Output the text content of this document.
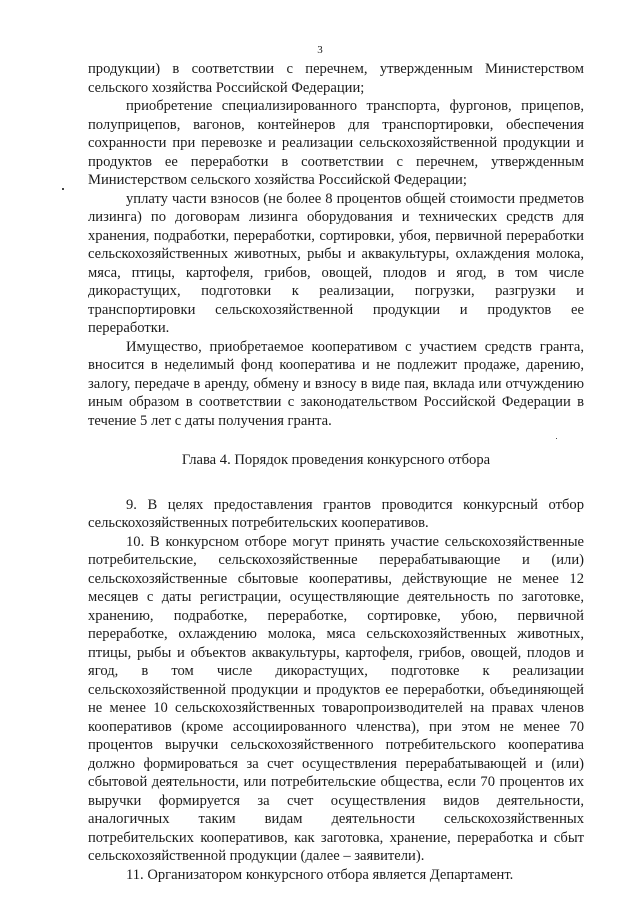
3

продукции) в соответствии с перечнем, утвержденным Министерством сельского хозяйства Российской Федерации;

приобретение специализированного транспорта, фургонов, прицепов, полуприцепов, вагонов, контейнеров для транспортировки, обеспечения сохранности при перевозке и реализации сельскохозяйственной продукции и продуктов ее переработки в соответствии с перечнем, утвержденным Министерством сельского хозяйства Российской Федерации;

уплату части взносов (не более 8 процентов общей стоимости предметов лизинга) по договорам лизинга оборудования и технических средств для хранения, подработки, переработки, сортировки, убоя, первичной переработки сельскохозяйственных животных, рыбы и аквакультуры, охлаждения молока, мяса, птицы, картофеля, грибов, овощей, плодов и ягод, в том числе дикорастущих, подготовки к реализации, погрузки, разгрузки и транспортировки сельскохозяйственной продукции и продуктов ее переработки.

Имущество, приобретаемое кооперативом с участием средств гранта, вносится в неделимый фонд кооператива и не подлежит продаже, дарению, залогу, передаче в аренду, обмену и взносу в виде пая, вклада или отчуждению иным образом в соответствии с законодательством Российской Федерации в течение 5 лет с даты получения гранта.

Глава 4. Порядок проведения конкурсного отбора

9. В целях предоставления грантов проводится конкурсный отбор сельскохозяйственных потребительских кооперативов.

10. В конкурсном отборе могут принять участие сельскохозяйственные потребительские, сельскохозяйственные перерабатывающие и (или) сельскохозяйственные сбытовые кооперативы, действующие не менее 12 месяцев с даты регистрации, осуществляющие деятельность по заготовке, хранению, подработке, переработке, сортировке, убою, первичной переработке, охлаждению молока, мяса сельскохозяйственных животных, птицы, рыбы и объектов аквакультуры, картофеля, грибов, овощей, плодов и ягод, в том числе дикорастущих, подготовке к реализации сельскохозяйственной продукции и продуктов ее переработки, объединяющей не менее 10 сельскохозяйственных товаропроизводителей на правах членов кооперативов (кроме ассоциированного членства), при этом не менее 70 процентов выручки сельскохозяйственного потребительского кооператива должно формироваться за счет осуществления перерабатывающей и (или) сбытовой деятельности, или потребительские общества, если 70 процентов их выручки формируется за счет осуществления видов деятельности, аналогичных таким видам деятельности сельскохозяйственных потребительских кооперативов, как заготовка, хранение, переработка и сбыт сельскохозяйственной продукции (далее – заявители).

11. Организатором конкурсного отбора является Департамент.
